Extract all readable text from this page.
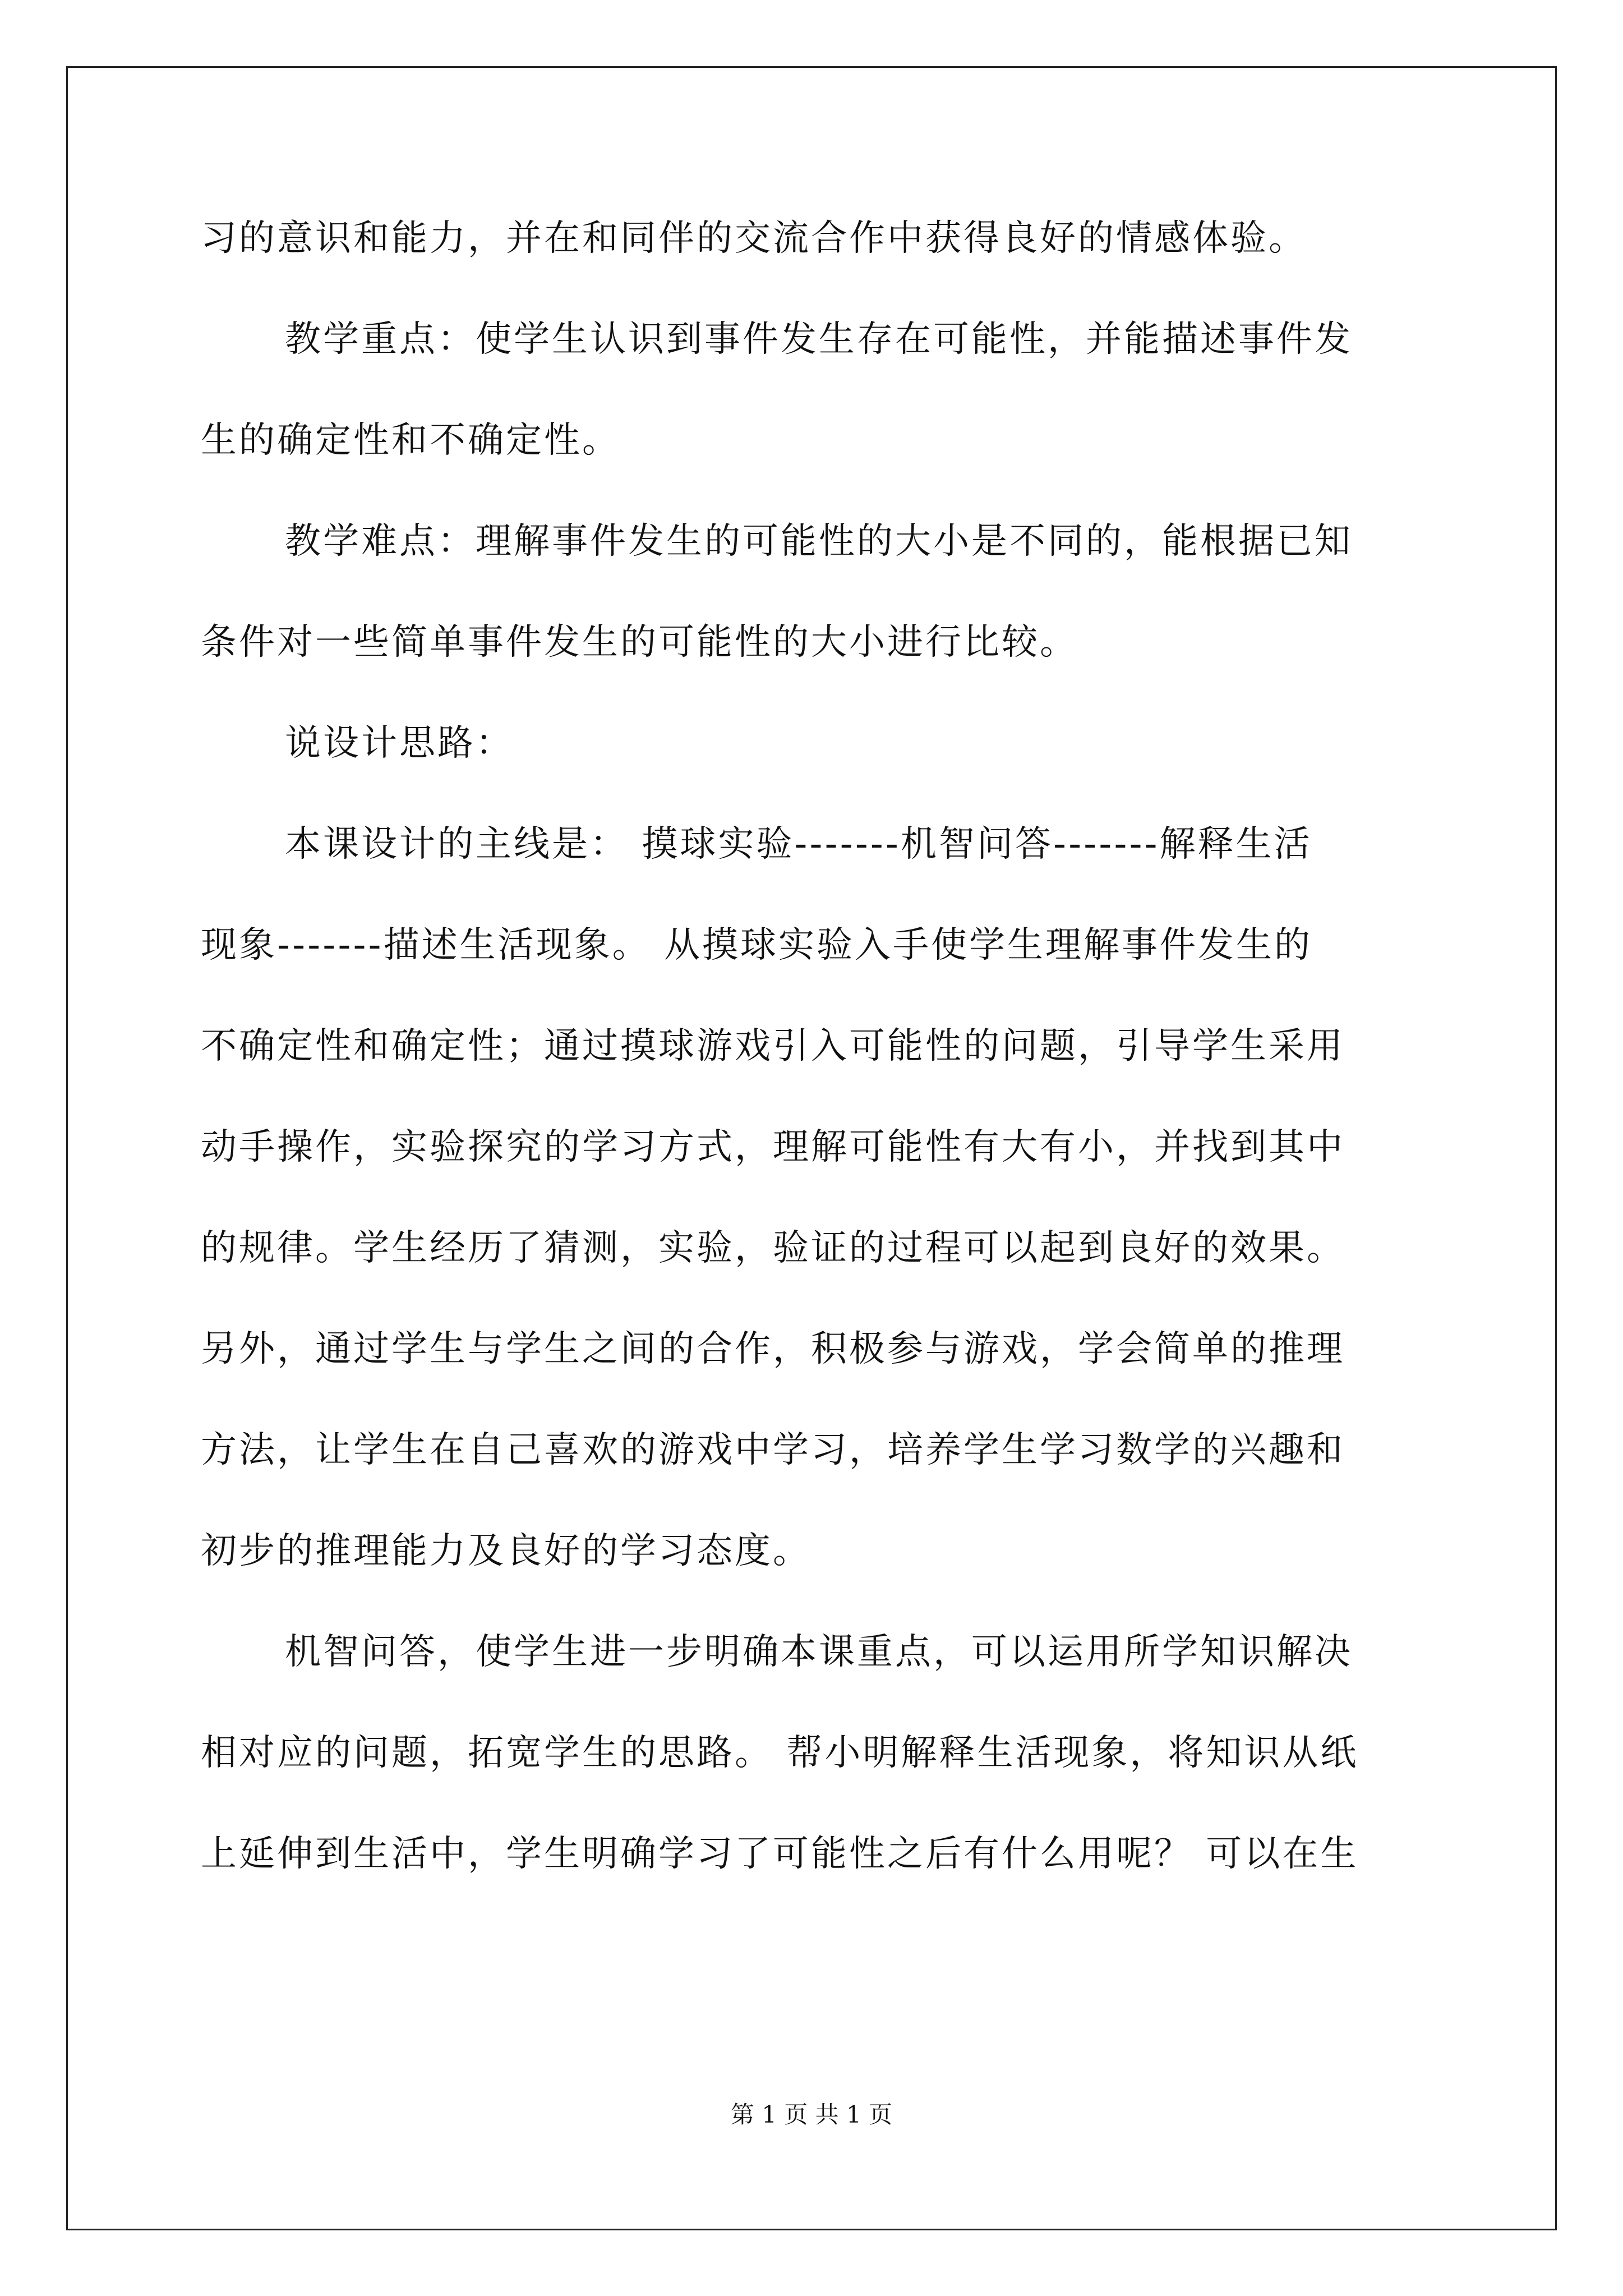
习的意识和能力，并在和同伴的交流合作中获得良好的情感体验。
教学重点：使学生认识到事件发生存在可能性，并能描述事件发
生的确定性和不确定性。
教学难点：理解事件发生的可能性的大小是不同的，能根据已知
条件对一些简单事件发生的可能性的大小进行比较。
说设计思路：
本课设计的主线是： 摸球实验-------机智问答-------解释生活
现象-------描述生活现象。 从摸球实验入手使学生理解事件发生的
不确定性和确定性；通过摸球游戏引入可能性的问题，引导学生采用
动手操作，实验探究的学习方式，理解可能性有大有小，并找到其中
的规律。学生经历了猜测，实验，验证的过程可以起到良好的效果。
另外，通过学生与学生之间的合作，积极参与游戏，学会简单的推理
方法，让学生在自己喜欢的游戏中学习，培养学生学习数学的兴趣和
初步的推理能力及良好的学习态度。
机智问答，使学生进一步明确本课重点，可以运用所学知识解决
相对应的问题，拓宽学生的思路。 帮小明解释生活现象，将知识从纸
上延伸到生活中，学生明确学习了可能性之后有什么用呢？ 可以在生
第 1 页 共 1 页
